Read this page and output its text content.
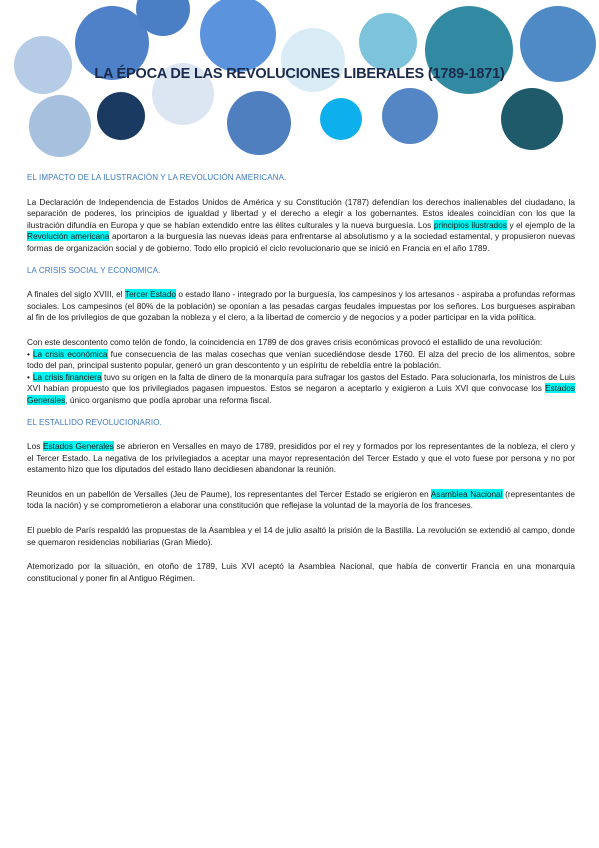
LA ÉPOCA DE LAS REVOLUCIONES LIBERALES (1789-1871)

EL IMPACTO DE LA ILUSTRACIÓN Y LA REVOLUCIÓN AMERICANA.

La Declaración de Independencia de Estados Unidos de América y su Constitución (1787) defendían los derechos inalienables del ciudadano, la separación de poderes, los principios de igualdad y libertad y el derecho a elegir a los gobernantes. Estos ideales coincidían con los que la ilustración difundía en Europa y que se habían extendido entre las élites culturales y la nueva burguesía. Los principios ilustrados y el ejemplo de la Revolución americana aportaron a la burguesía las nuevas ideas para enfrentarse al absolutismo y a la sociedad estamental, y propusieron nuevas formas de organización social y de gobierno. Todo ello propició el ciclo revolucionario que se inició en Francia en el año 1789.

LA CRISIS SOCIAL Y ECONOMICA.

A finales del siglo XVIII, el Tercer Estado o estado llano - integrado por la burguesía, los campesinos y los artesanos - aspiraba a profundas reformas sociales. Los campesinos (el 80% de la población) se oponían a las pesadas cargas feudales impuestas por los señores. Los burgueses aspiraban al fin de los privilegios de que gozaban la nobleza y el clero, a la libertad de comercio y de negocios y a poder participar en la vida política.

Con este descontento como telón de fondo, la coincidencia en 1789 de dos graves crisis económicas provocó el estallido de una revolución:

• La crisis económica fue consecuencia de las malas cosechas que venían sucediéndose desde 1760. El alza del precio de los alimentos, sobre todo del pan, principal sustento popular, generó un gran descontento y un espíritu de rebeldía entre la población.

• La crisis financiera tuvo su origen en la falta de dinero de la monarquía para sufragar los gastos del Estado. Para solucionarla, los ministros de Luis XVI habían propuesto que los privilegiados pagasen impuestos. Estos se negaron a aceptarlo y exigieron a Luis XVI que convocase los Estados Generales, único organismo que podía aprobar una reforma fiscal.

EL ESTALLIDO REVOLUCIONARIO.

Los Estados Generales se abrieron en Versalles en mayo de 1789, presididos por el rey y formados por los representantes de la nobleza, el clero y el Tercer Estado. La negativa de los privilegiados a aceptar una mayor representación del Tercer Estado y que el voto fuese por persona y no por estamento hizo que los diputados del estado llano decidiesen abandonar la reunión.

Reunidos en un pabellón de Versalles (Jeu de Paume), los representantes del Tercer Estado se erigieron en Asamblea Nacional (representantes de toda la nación) y se comprometieron a elaborar una constitución que reflejase la voluntad de la mayoría de los franceses.

El pueblo de París respaldó las propuestas de la Asamblea y el 14 de julio asaltó la prisión de la Bastilla. La revolución se extendió al campo, donde se quemaron residencias nobiliarias (Gran Miedo).

Atemorizado por la situación, en otoño de 1789, Luis XVI aceptó la Asamblea Nacional, que había de convertir Francia en una monarquía constitucional y poner fin al Antiguo Régimen.
